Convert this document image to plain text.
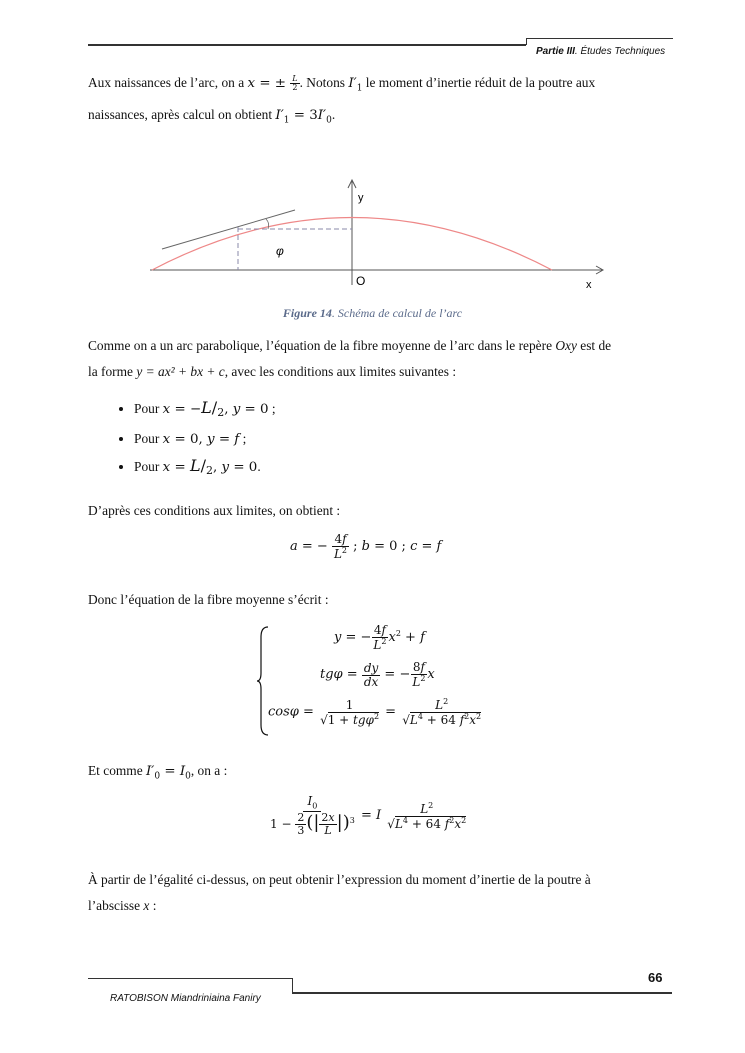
Partie III. Études Techniques
Aux naissances de l’arc, on a x = ± $\frac{L}{2}$ . Notons $I'_1$ le moment d’inertie réduit de la poutre aux
naissances, après calcul on obtient $I'_1 = 3I'_0$.
y
x
O
φ
Figure 14. Schéma de calcul de l’arc
Comme on a un arc parabolique, l’équation de la fibre moyenne de l’arc dans le repère Oxy est de
la forme y = ax² + bx + c, avec les conditions aux limites suivantes :
• Pour $x = -L/_2$, y = 0 ;
• Pour x = 0, y = f ;
• Pour $x = L/_2$, y = 0.
D’après ces conditions aux limites, on obtient :
a = − $\frac{4f}{L^2}$ ; b = 0 ; c = f
Donc l’équation de la fibre moyenne s’écrit :
y = − $\frac{4f}{L^2} x^2 + f$
$tg\varphi = \frac{dy}{dx}$ = − $\frac{8f}{L^2}$ x
$\cos\varphi = \frac{1}{√1 + tg\varphi^2} = \frac{L^2}{√L^4 + 64 f^2x^2}$
Et comme $I'_0 = I_0$, on a :
$\frac{I_0}{1 - \frac{2}{3} (| \frac{2x}{L} |)^3} = I \frac{L^2}{√L^4 + 64 f^2x^2}$
À partir de l’égalité ci-dessus, on peut obtenir l’expression du moment d’inertie de la poutre à
l’abscisse x :
66
RATOBISON Miandriniaina Faniry
